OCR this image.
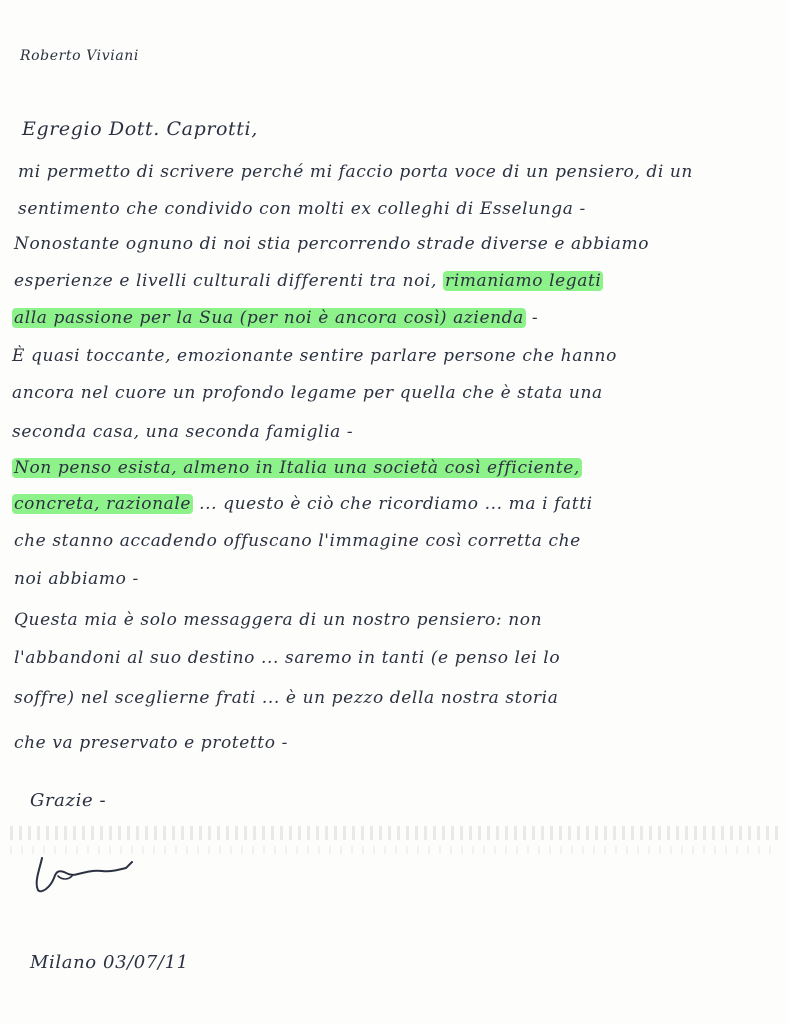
Roberto Viviani
Egregio Dott. Caprotti,
mi permetto di scrivere perché mi faccio porta voce di un pensiero, di un
sentimento che condivido con molti ex colleghi di Esselunga -
Nonostante ognuno di noi stia percorrendo strade diverse e abbiamo
esperienze e livelli culturali differenti tra noi, rimaniamo legati
alla passione per la Sua (per noi è ancora così) azienda -
È quasi toccante, emozionante sentire parlare persone che hanno
ancora nel cuore un profondo legame per quella che è stata una
seconda casa, una seconda famiglia -
Non penso esista, almeno in Italia una società così efficiente,
concreta, razionale ... questo è ciò che ricordiamo ... ma i fatti
che stanno accadendo offuscano l'immagine così corretta che
noi abbiamo -
Questa mia è solo messaggera di un nostro pensiero: non
l'abbandoni al suo destino ... saremo in tanti (e penso lei lo
soffre) nel sceglierne frati ... è un pezzo della nostra storia
che va preservato e protetto -
Grazie -
Milano 03/07/11
